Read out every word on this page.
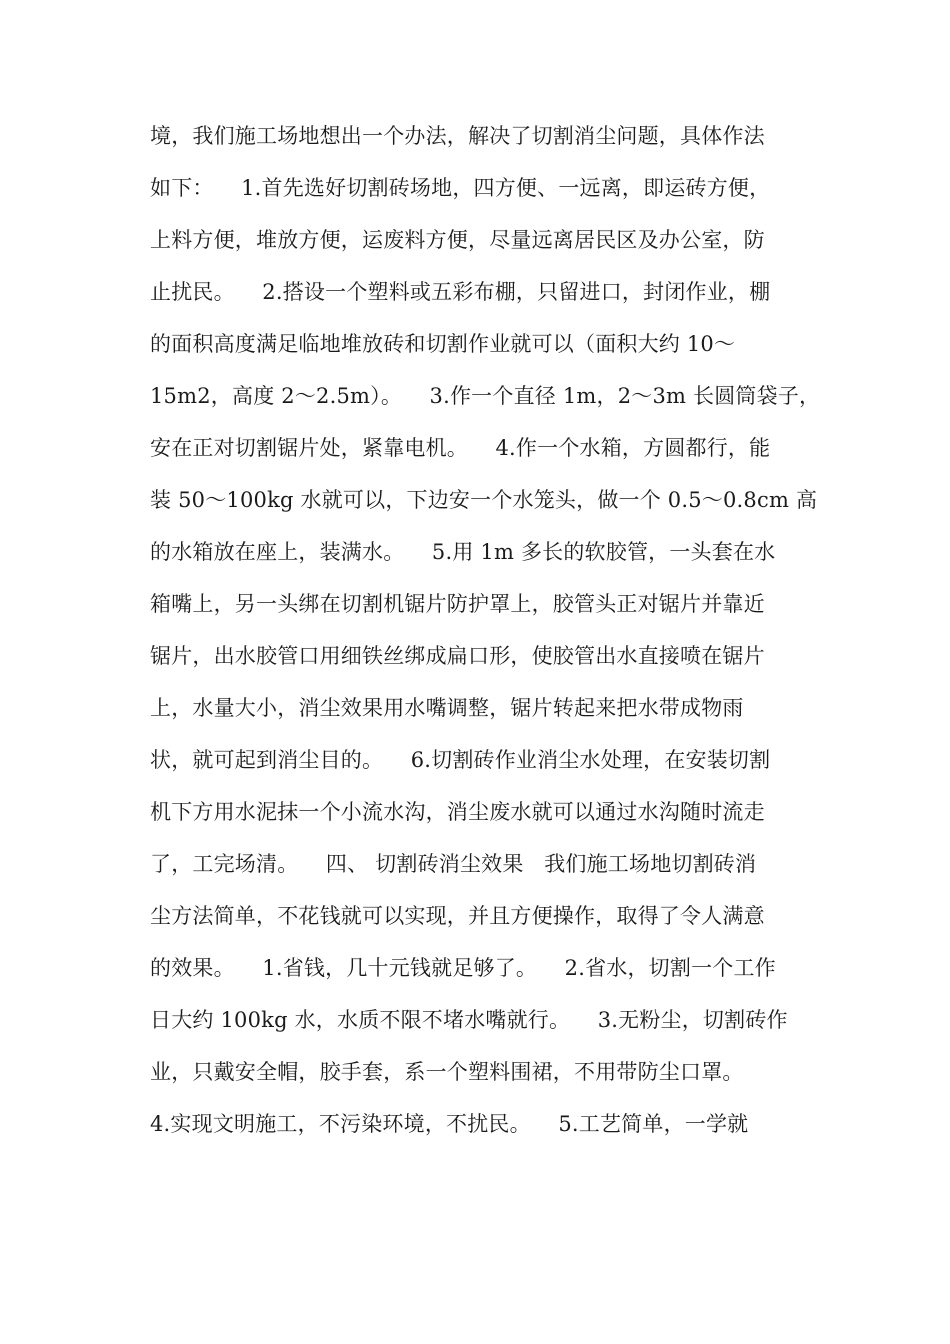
境，我们施工场地想出一个办法，解决了切割消尘问题，具体作法
如下：    1.首先选好切割砖场地，四方便、一远离，即运砖方便，
上料方便，堆放方便，运废料方便，尽量远离居民区及办公室，防
止扰民。    2.搭设一个塑料或五彩布棚，只留进口，封闭作业，棚
的面积高度满足临地堆放砖和切割作业就可以（面积大约 10～
15m2，高度 2～2.5m）。    3.作一个直径 1m，2～3m 长圆筒袋子，
安在正对切割锯片处，紧靠电机。    4.作一个水箱，方圆都行，能
装 50～100kg 水就可以，下边安一个水笼头，做一个 0.5～0.8cm 高
的水箱放在座上，装满水。    5.用 1m 多长的软胶管，一头套在水
箱嘴上，另一头绑在切割机锯片防护罩上，胶管头正对锯片并靠近
锯片，出水胶管口用细铁丝绑成扁口形，使胶管出水直接喷在锯片
上，水量大小，消尘效果用水嘴调整，锯片转起来把水带成物雨
状，就可起到消尘目的。    6.切割砖作业消尘水处理，在安装切割
机下方用水泥抹一个小流水沟，消尘废水就可以通过水沟随时流走
了，工完场清。    四、 切割砖消尘效果   我们施工场地切割砖消
尘方法简单，不花钱就可以实现，并且方便操作，取得了令人满意
的效果。    1.省钱，几十元钱就足够了。    2.省水，切割一个工作
日大约 100kg 水，水质不限不堵水嘴就行。    3.无粉尘，切割砖作
业，只戴安全帽，胶手套，系一个塑料围裙，不用带防尘口罩。
4.实现文明施工，不污染环境，不扰民。    5.工艺简单，一学就
